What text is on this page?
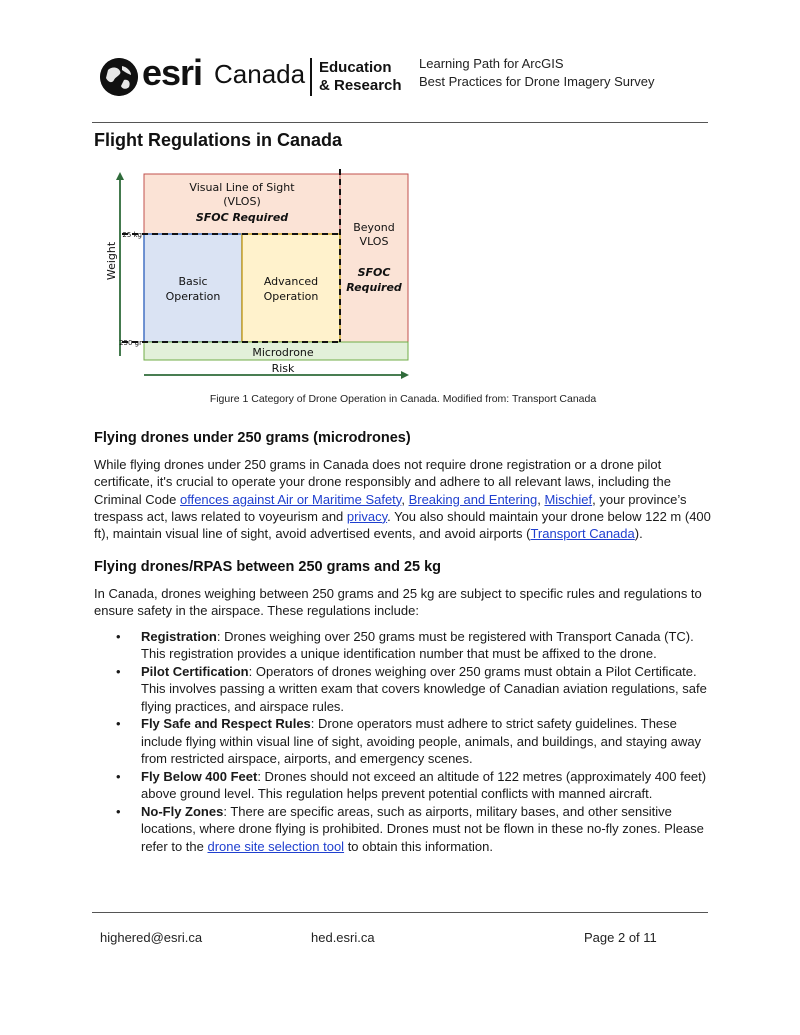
esri Canada Education
& Research
Learning Path for ArcGIS
Best Practices for Drone Imagery Survey
Flight Regulations in Canada
Visual Line of Sight
(VLOS)
SFOC Required
Beyond
VLOS
SFOC
Required
Basic
Operation
Advanced
Operation
Microdrone
Risk
Weight
25 kg
250 gr
Figure 1 Category of Drone Operation in Canada. Modified from: Transport Canada
Flying drones under 250 grams (microdrones)
While flying drones under 250 grams in Canada does not require drone registration or a drone pilot certificate, it's crucial to operate your drone responsibly and adhere to all relevant laws, including the Criminal Code offences against Air or Maritime Safety, Breaking and Entering, Mischief, your province’s trespass act, laws related to voyeurism and privacy. You also should maintain your drone below 122 m (400 ft), maintain visual line of sight, avoid advertised events, and avoid airports (Transport Canada).
Flying drones/RPAS between 250 grams and 25 kg
In Canada, drones weighing between 250 grams and 25 kg are subject to specific rules and regulations to ensure safety in the airspace. These regulations include:
• Registration: Drones weighing over 250 grams must be registered with Transport Canada (TC). This registration provides a unique identification number that must be affixed to the drone.
• Pilot Certification: Operators of drones weighing over 250 grams must obtain a Pilot Certificate. This involves passing a written exam that covers knowledge of Canadian aviation regulations, safe flying practices, and airspace rules.
• Fly Safe and Respect Rules: Drone operators must adhere to strict safety guidelines. These include flying within visual line of sight, avoiding people, animals, and buildings, and staying away from restricted airspace, airports, and emergency scenes.
• Fly Below 400 Feet: Drones should not exceed an altitude of 122 metres (approximately 400 feet) above ground level. This regulation helps prevent potential conflicts with manned aircraft.
• No-Fly Zones: There are specific areas, such as airports, military bases, and other sensitive locations, where drone flying is prohibited. Drones must not be flown in these no-fly zones. Please refer to the drone site selection tool to obtain this information.
highered@esri.ca	hed.esri.ca	Page 2 of 11
